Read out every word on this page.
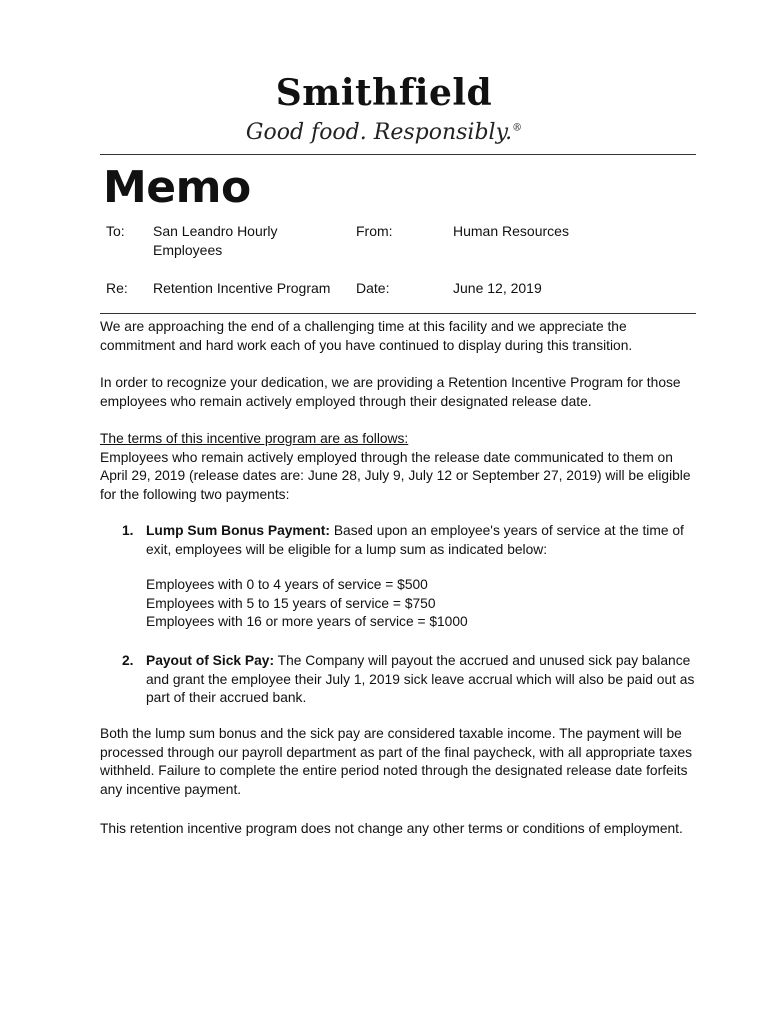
Smithfield
Good food. Responsibly.®
Memo
To: San Leandro Hourly Employees
From:	Human Resources
Re: Retention Incentive Program Date:	June 12, 2019
We are approaching the end of a challenging time at this facility and we appreciate the commitment and hard work each of you have continued to display during this transition.
In order to recognize your dedication, we are providing a Retention Incentive Program for those employees who remain actively employed through their designated release date.
The terms of this incentive program are as follows:
Employees who remain actively employed through the release date communicated to them on April 29, 2019 (release dates are: June 28, July 9, July 12 or September 27, 2019) will be eligible for the following two payments:
1. Lump Sum Bonus Payment: Based upon an employee's years of service at the time of exit, employees will be eligible for a lump sum as indicated below:
Employees with 0 to 4 years of service = $500
Employees with 5 to 15 years of service = $750
Employees with 16 or more years of service = $1000
2. Payout of Sick Pay: The Company will payout the accrued and unused sick pay balance and grant the employee their July 1, 2019 sick leave accrual which will also be paid out as part of their accrued bank.
Both the lump sum bonus and the sick pay are considered taxable income. The payment will be processed through our payroll department as part of the final paycheck, with all appropriate taxes withheld. Failure to complete the entire period noted through the designated release date forfeits any incentive payment.
This retention incentive program does not change any other terms or conditions of employment.
